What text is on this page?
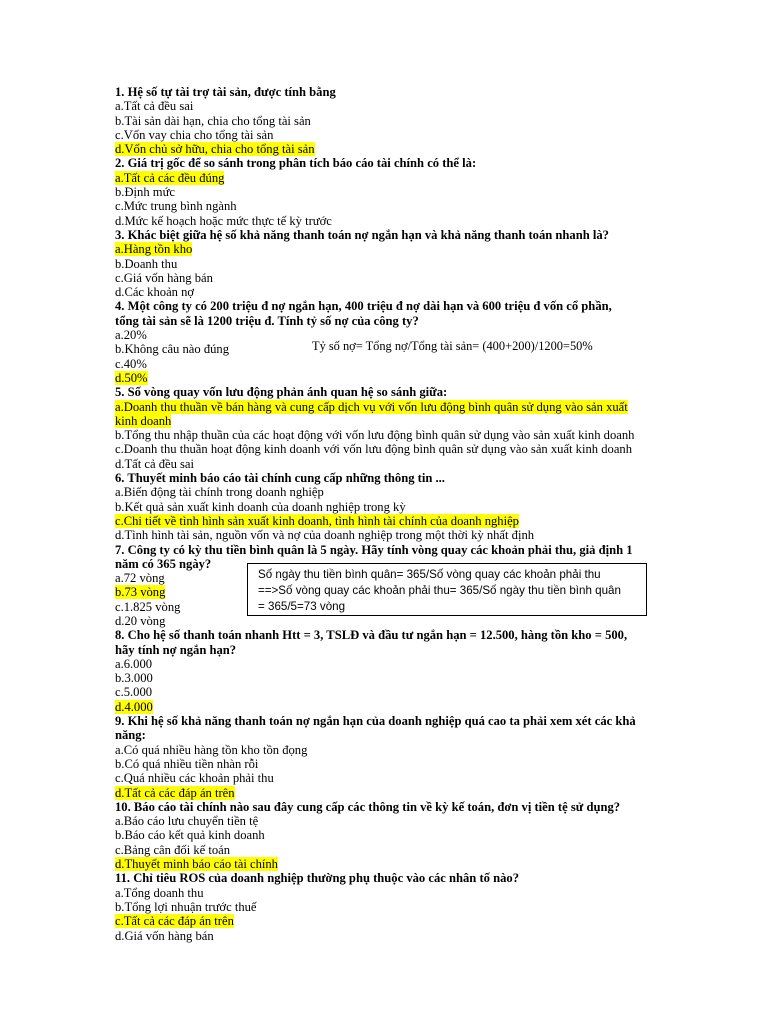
1. Hệ số tự tài trợ tài sản, được tính bằng
a.Tất cả đều sai
b.Tài sản dài hạn, chia cho tổng tài sản
c.Vốn vay chia cho tổng tài sản
d.Vốn chủ sở hữu, chia cho tổng tài sản
2. Giá trị gốc để so sánh trong phân tích báo cáo tài chính có thể là:
a.Tất cả các đều đúng
b.Định mức
c.Mức trung bình ngành
d.Mức kế hoạch hoặc mức thực tế kỳ trước
3. Khác biệt giữa hệ số khả năng thanh toán nợ ngắn hạn và khả năng thanh toán nhanh là?
a.Hàng tồn kho
b.Doanh thu
c.Giá vốn hàng bán
d.Các khoản nợ
4. Một công ty có 200 triệu đ nợ ngắn hạn, 400 triệu đ nợ dài hạn và 600 triệu đ vốn cổ phần,
tổng tài sản sẽ là 1200 triệu đ. Tính tỷ số nợ của công ty?
a.20%
b.Không câu nào đúng
c.40%
d.50%
5. Số vòng quay vốn lưu động phản ánh quan hệ so sánh giữa:
a.Doanh thu thuần về bán hàng và cung cấp dịch vụ với vốn lưu động bình quân sử dụng vào sản xuất
kinh doanh
b.Tổng thu nhập thuần của các hoạt động với vốn lưu động bình quân sử dụng vào sản xuất kinh doanh
c.Doanh thu thuần hoạt động kinh doanh với vốn lưu động bình quân sử dụng vào sản xuất kinh doanh
d.Tất cả đều sai
6. Thuyết minh báo cáo tài chính cung cấp những thông tin ...
a.Biến động tài chính trong doanh nghiệp
b.Kết quả sản xuất kinh doanh của doanh nghiệp trong kỳ
c.Chi tiết về tình hình sản xuất kinh doanh, tình hình tài chính của doanh nghiệp
d.Tình hình tài sản, nguồn vốn và nợ của doanh nghiệp trong một thời kỳ nhất định
7. Công ty có kỳ thu tiền bình quân là 5 ngày. Hãy tính vòng quay các khoản phải thu, giả định 1
năm có 365 ngày?
a.72 vòng
b.73 vòng
c.1.825 vòng
d.20 vòng
8. Cho hệ số thanh toán nhanh Htt = 3, TSLĐ và đầu tư ngắn hạn = 12.500, hàng tồn kho = 500,
hãy tính nợ ngắn hạn?
a.6.000
b.3.000
c.5.000
d.4.000
9. Khi hệ số khả năng thanh toán nợ ngắn hạn của doanh nghiệp quá cao ta phải xem xét các khả
năng:
a.Có quá nhiều hàng tồn kho tồn đọng
b.Có quá nhiều tiền nhàn rỗi
c.Quá nhiều các khoản phải thu
d.Tất cả các đáp án trên
10. Báo cáo tài chính nào sau đây cung cấp các thông tin về kỳ kế toán, đơn vị tiền tệ sử dụng?
a.Báo cáo lưu chuyển tiền tệ
b.Báo cáo kết quả kinh doanh
c.Bảng cân đối kế toán
d.Thuyết minh báo cáo tài chính
11. Chỉ tiêu ROS của doanh nghiệp thường phụ thuộc vào các nhân tố nào?
a.Tổng doanh thu
b.Tổng lợi nhuận trước thuế
c.Tất cả các đáp án trên
d.Giá vốn hàng bán
Tỷ số nợ= Tổng nợ/Tổng tài sản= (400+200)/1200=50%
Số ngày thu tiền bình quân= 365/Số vòng quay các khoản phải thu
==>Số vòng quay các khoản phải thu= 365/Số ngày thu tiền bình quân
= 365/5=73 vòng
